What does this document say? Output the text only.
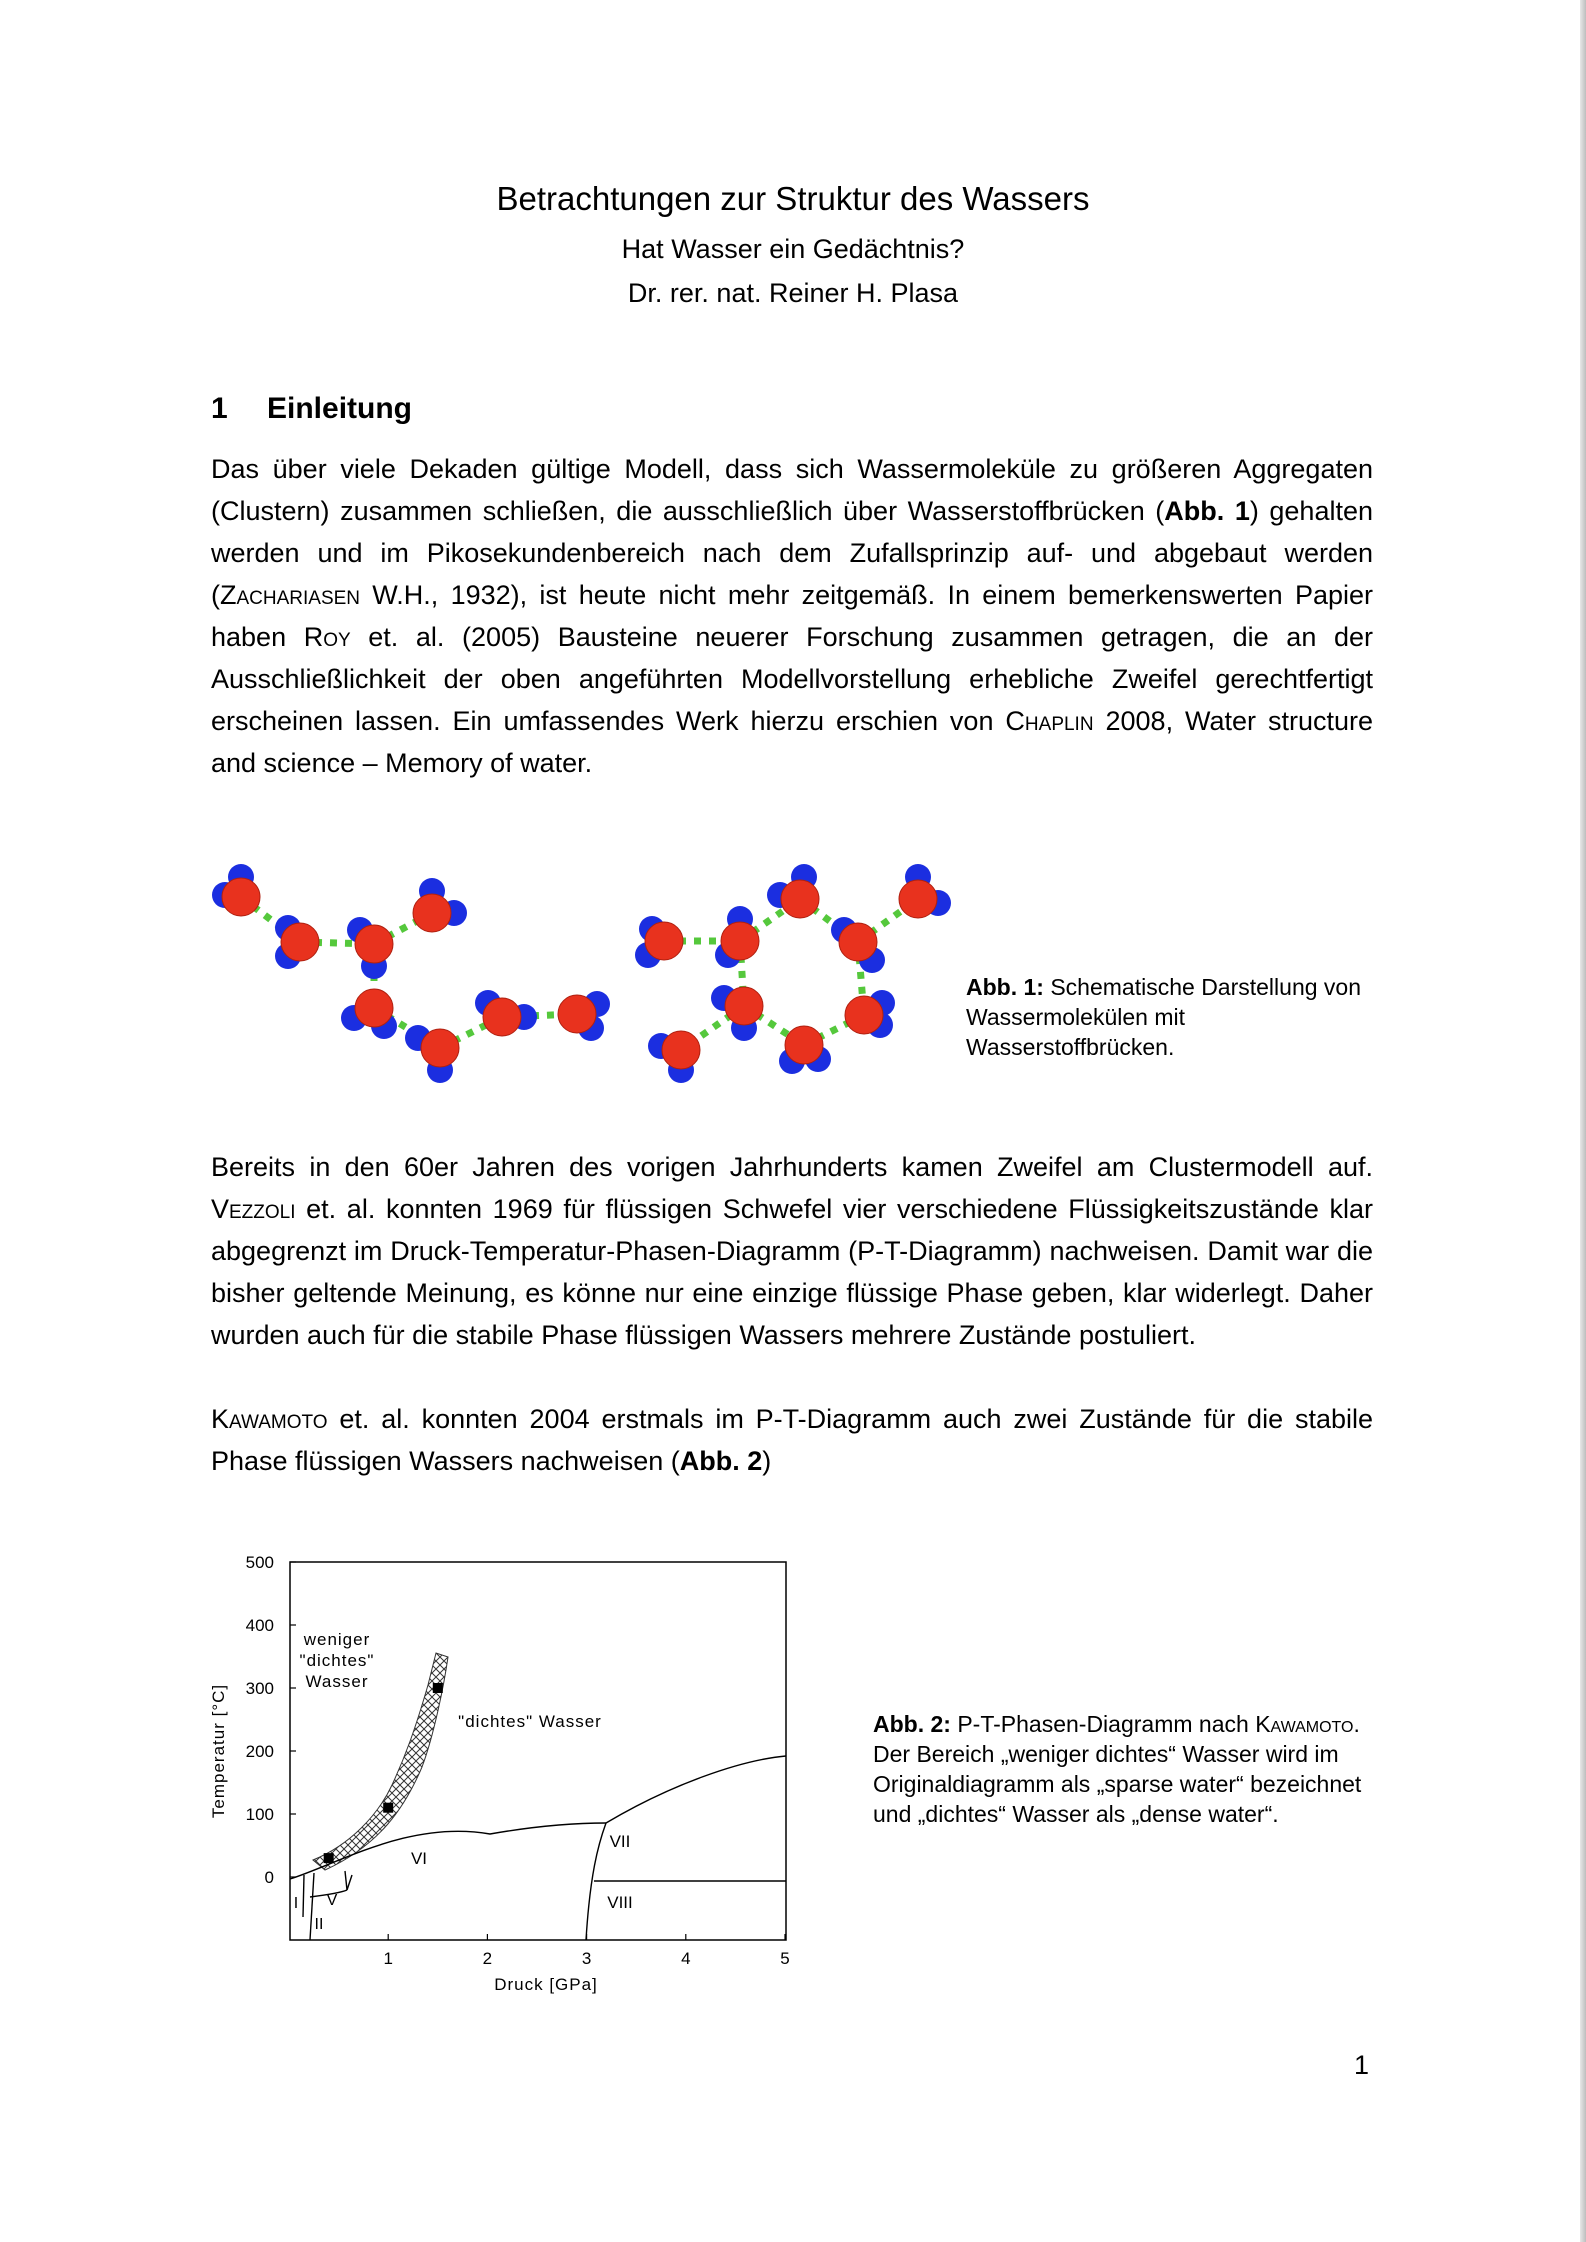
Betrachtungen zur Struktur des Wassers
Hat Wasser ein Gedächtnis?
Dr. rer. nat. Reiner H. Plasa
1 Einleitung
Das über viele Dekaden gültige Modell, dass sich Wassermoleküle zu größeren Aggregaten (Clustern) zusammen schließen, die ausschließlich über Wasserstoffbrücken (Abb. 1) gehalten werden und im Pikosekundenbereich nach dem Zufallsprinzip auf- und abgebaut werden (Zachariasen W.H., 1932), ist heute nicht mehr zeitgemäß. In einem bemerkenswerten Papier haben Roy et. al. (2005) Bausteine neuerer Forschung zusammen getragen, die an der Ausschließlichkeit der oben angeführten Modellvorstellung erhebliche Zweifel gerechtfertigt erscheinen lassen. Ein umfassendes Werk hierzu erschien von Chaplin 2008, Water structure and science – Memory of water.
Abb. 1: Schematische Darstellung von Wassermolekülen mit Wasserstoffbrücken.
Bereits in den 60er Jahren des vorigen Jahrhunderts kamen Zweifel am Clustermodell auf. Vezzoli et. al. konnten 1969 für flüssigen Schwefel vier verschiedene Flüssigkeitszustände klar abgegrenzt im Druck-Temperatur-Phasen-Diagramm (P-T-Diagramm) nachweisen. Damit war die bisher geltende Meinung, es könne nur eine einzige flüssige Phase geben, klar widerlegt. Daher wurden auch für die stabile Phase flüssigen Wassers mehrere Zustände postuliert.
Kawamoto et. al. konnten 2004 erstmals im P-T-Diagramm auch zwei Zustände für die stabile Phase flüssigen Wassers nachweisen (Abb. 2)
500
400
300
200
100
0
1	2	3	4	5
Temperatur [°C]
Druck [GPa]
weniger
"dichtes"
Wasser
"dichtes" Wasser
VII
VIII
VI
V
I
II
Abb. 2: P-T-Phasen-Diagramm nach Kawamoto. Der Bereich „weniger dichtes“ Wasser wird im Originaldiagramm als „sparse water“ bezeichnet und „dichtes“ Wasser als „dense water“.
1
